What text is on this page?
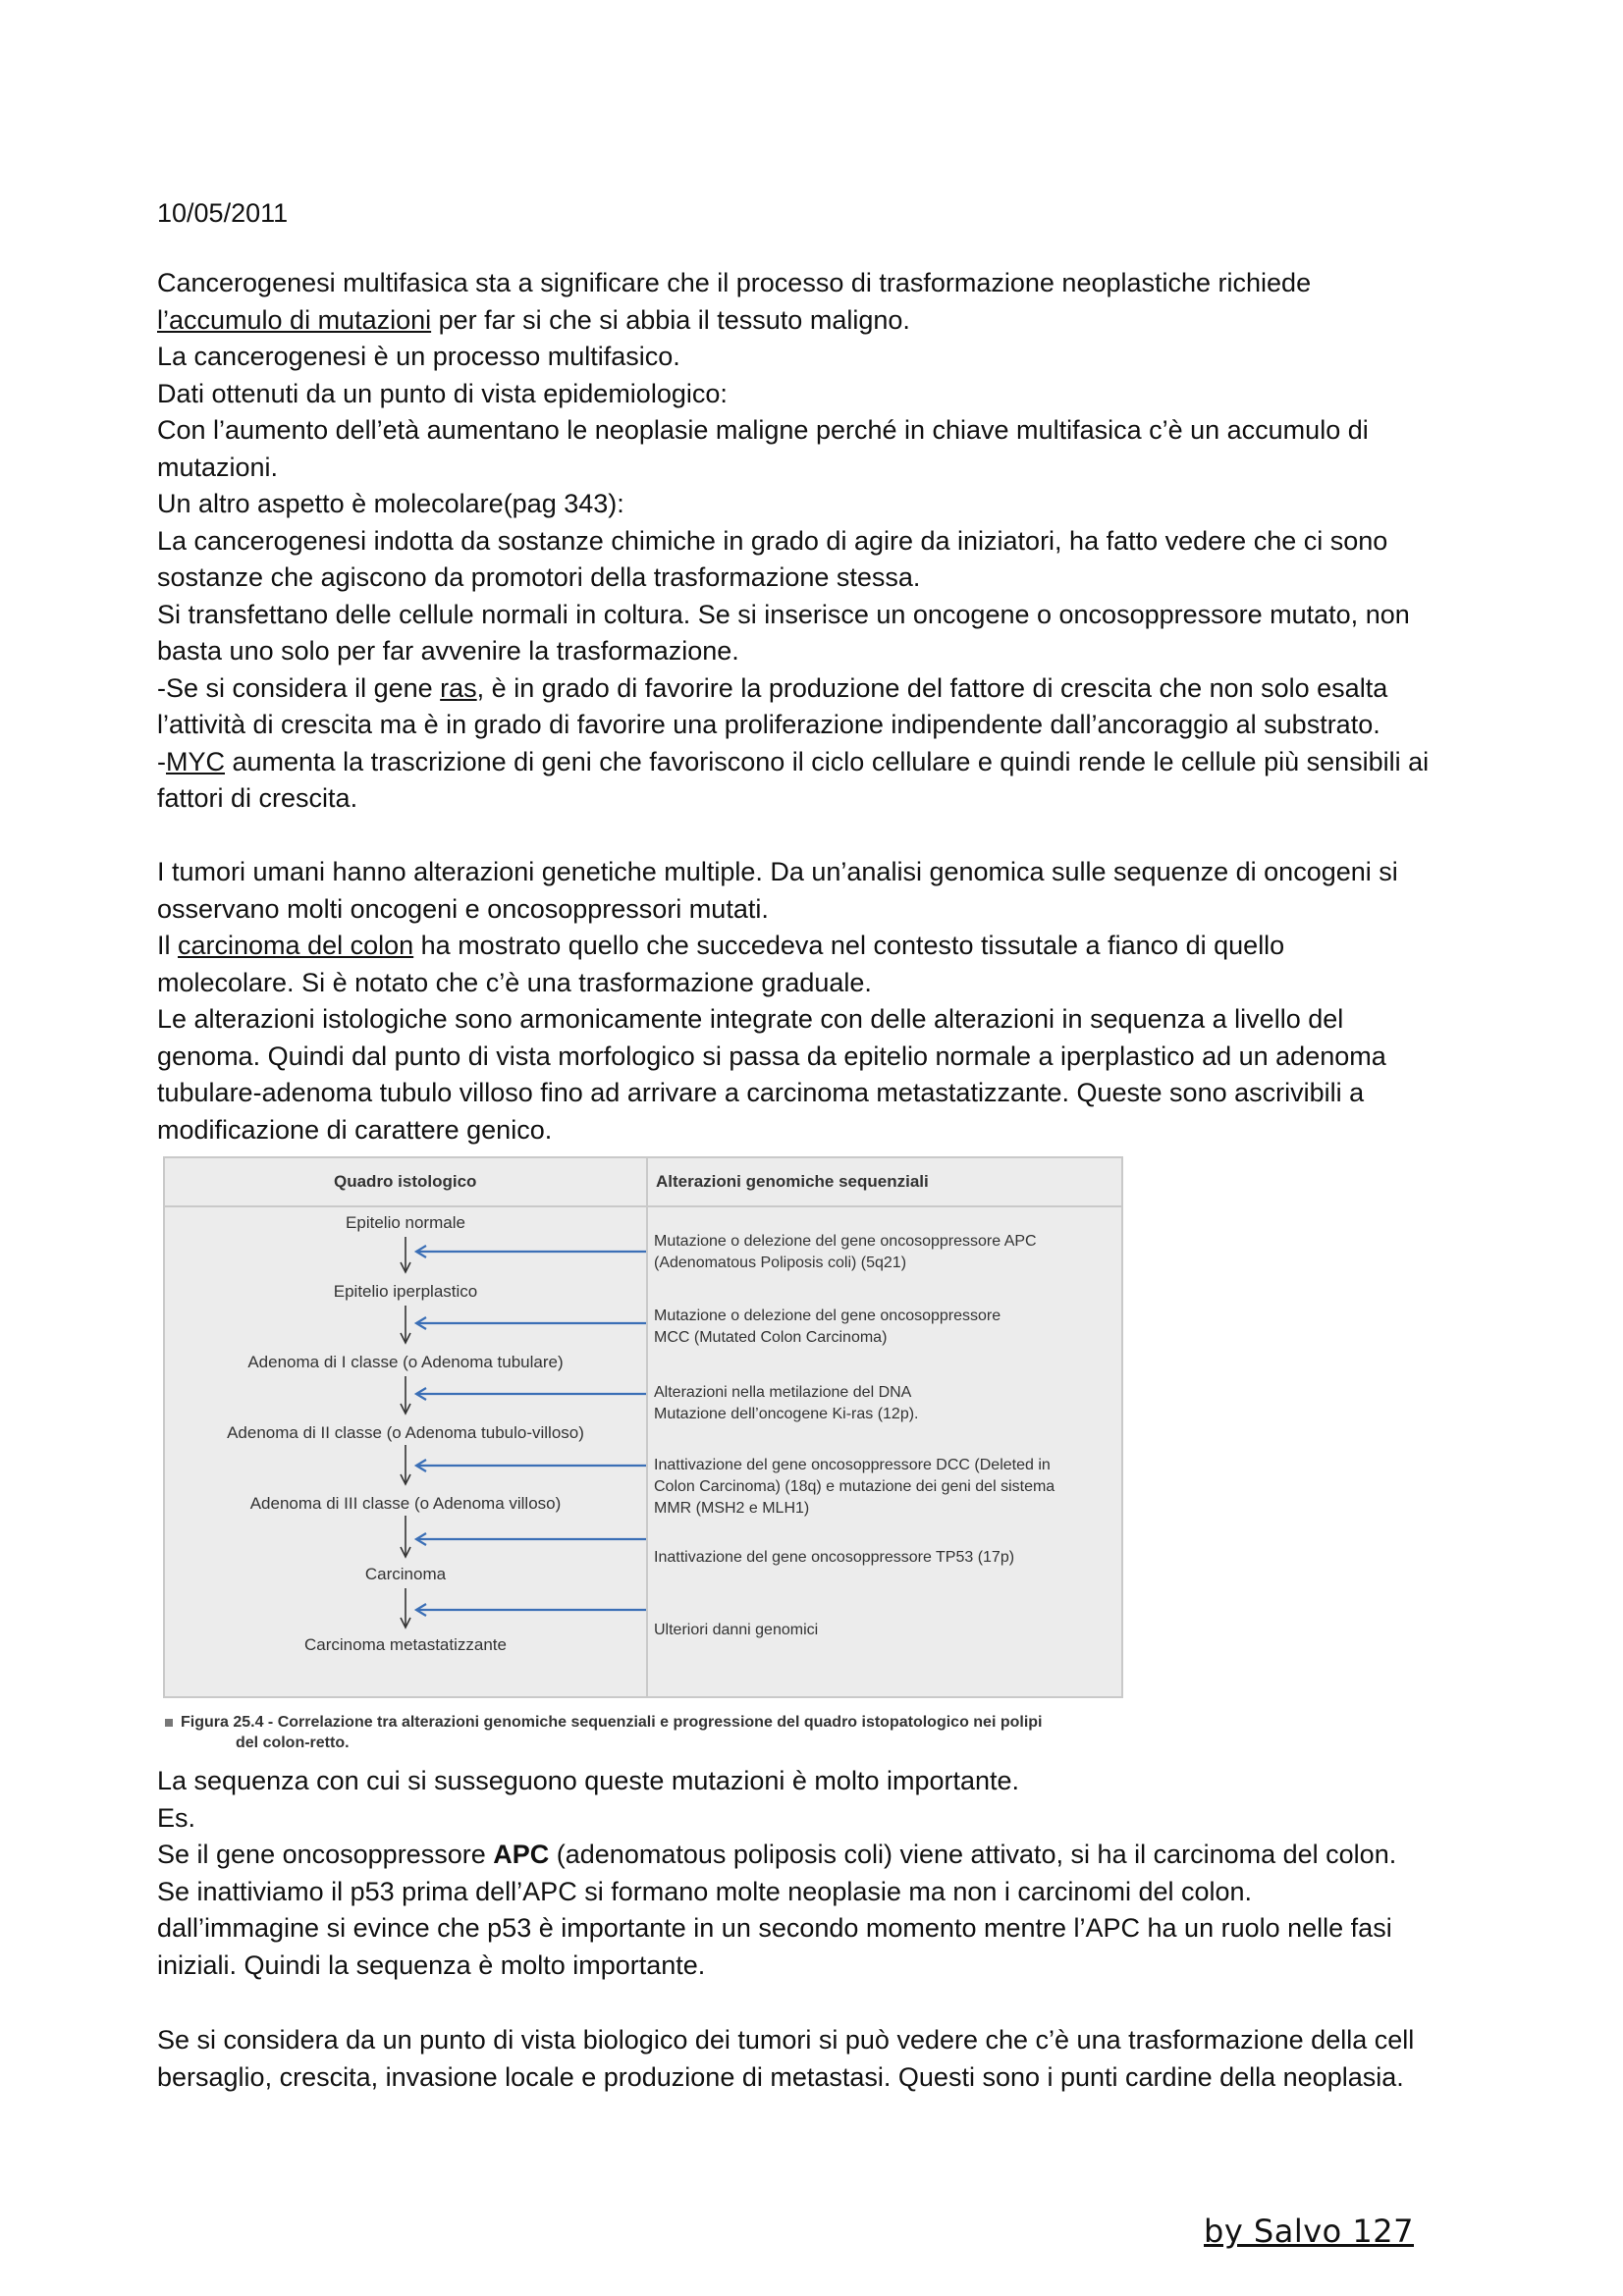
10/05/2011
Cancerogenesi multifasica sta a significare che il processo di trasformazione neoplastiche richiede
l’accumulo di mutazioni per far si che si abbia il tessuto maligno.
La cancerogenesi è un processo multifasico.
Dati ottenuti da un punto di vista epidemiologico:
Con l’aumento dell’età aumentano le neoplasie maligne perché in chiave multifasica c’è un accumulo di
mutazioni.
Un altro aspetto è molecolare(pag 343):
La cancerogenesi indotta da sostanze chimiche in grado di agire da iniziatori, ha fatto vedere che ci sono
sostanze che agiscono da promotori della trasformazione stessa.
Si transfettano delle cellule normali in coltura. Se si inserisce un oncogene o oncosoppressore mutato, non
basta uno solo per far avvenire la trasformazione.
-Se si considera il gene ras, è in grado di favorire la produzione del fattore di crescita che non solo esalta
l’attività di crescita ma è in grado di favorire una proliferazione indipendente dall’ancoraggio al substrato.
-MYC aumenta la trascrizione di geni che favoriscono il ciclo cellulare e quindi rende le cellule più sensibili ai
fattori di crescita.
I tumori umani hanno alterazioni genetiche multiple. Da un’analisi genomica sulle sequenze di oncogeni si
osservano molti oncogeni e oncosoppressori mutati.
Il carcinoma del colon ha mostrato quello che succedeva nel contesto tissutale a fianco di quello
molecolare. Si è notato che c’è una trasformazione graduale.
Le alterazioni istologiche sono armonicamente integrate con delle alterazioni in sequenza a livello del
genoma. Quindi dal punto di vista morfologico si passa da epitelio normale a iperplastico ad un adenoma
tubulare-adenoma tubulo villoso fino ad arrivare a carcinoma metastatizzante. Queste sono ascrivibili a
modificazione di carattere genico.
Quadro istologico	Alterazioni genomiche sequenziali
Epitelio normale
Epitelio iperplastico
Adenoma di I classe (o Adenoma tubulare)
Adenoma di II classe (o Adenoma tubulo-villoso)
Adenoma di III classe (o Adenoma villoso)
Carcinoma
Carcinoma metastatizzante
Mutazione o delezione del gene oncosoppressore APC
(Adenomatous Poliposis coli) (5q21)
Mutazione o delezione del gene oncosoppressore
MCC (Mutated Colon Carcinoma)
Alterazioni nella metilazione del DNA
Mutazione dell’oncogene Ki-ras (12p).
Inattivazione del gene oncosoppressore DCC (Deleted in
Colon Carcinoma) (18q) e mutazione dei geni del sistema
MMR (MSH2 e MLH1)
Inattivazione del gene oncosoppressore TP53 (17p)
Ulteriori danni genomici
Figura 25.4 - Correlazione tra alterazioni genomiche sequenziali e progressione del quadro istopatologico nei polipi
del colon-retto.
La sequenza con cui si susseguono queste mutazioni è molto importante.
Es.
Se il gene oncosoppressore APC (adenomatous poliposis coli) viene attivato, si ha il carcinoma del colon.
Se inattiviamo il p53 prima dell’APC si formano molte neoplasie ma non i carcinomi del colon.
dall’immagine si evince che p53 è importante in un secondo momento mentre l’APC ha un ruolo nelle fasi
iniziali. Quindi la sequenza è molto importante.
Se si considera da un punto di vista biologico dei tumori si può vedere che c’è una trasformazione della cell
bersaglio, crescita, invasione locale e produzione di metastasi. Questi sono i punti cardine della neoplasia.
by Salvo 127
